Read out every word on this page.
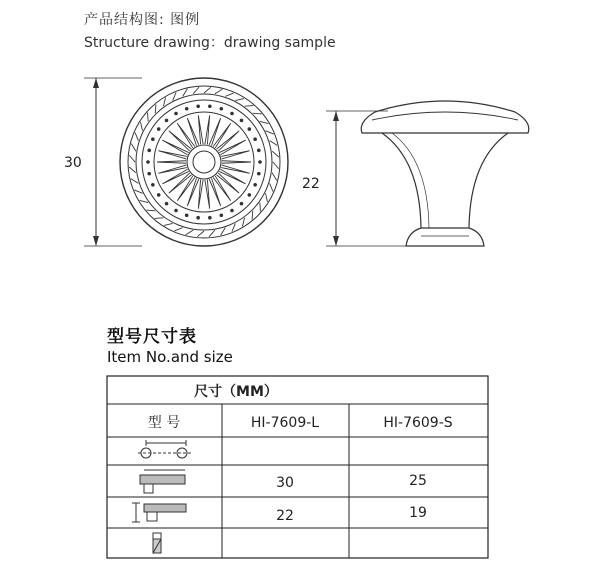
产品结构图: 图例
Structure drawing：drawing sample
尺寸（MM）
型 号	HI-7609-L	HI-7609-S
30	25
22	19
30
22
型号尺寸表
Item No.and size
